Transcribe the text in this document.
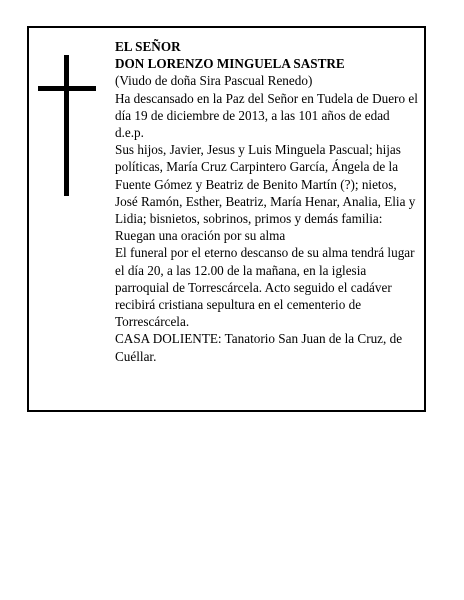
EL SEÑOR

DON LORENZO MINGUELA SASTRE

(Viudo de doña Sira Pascual Renedo)

Ha descansado en la Paz del Señor en Tudela de Duero el día 19 de diciembre de 2013, a las 101 años de edad d.e.p.

Sus hijos, Javier, Jesus y Luis Minguela Pascual; hijas políticas, María Cruz Carpintero García, Ángela de la Fuente Gómez y Beatriz de Benito Martín (?); nietos, José Ramón, Esther, Beatriz, María Henar, Analia, Elia y Lidia; bisnietos, sobrinos, primos y demás familia:

Ruegan una oración por su alma

El funeral por el eterno descanso de su alma tendrá lugar el día 20, a las 12.00 de la mañana, en la iglesia parroquial de Torrescárcela. Acto seguido el cadáver recibirá cristiana sepultura en el cementerio de Torrescárcela.

CASA DOLIENTE: Tanatorio San Juan de la Cruz, de Cuéllar.
